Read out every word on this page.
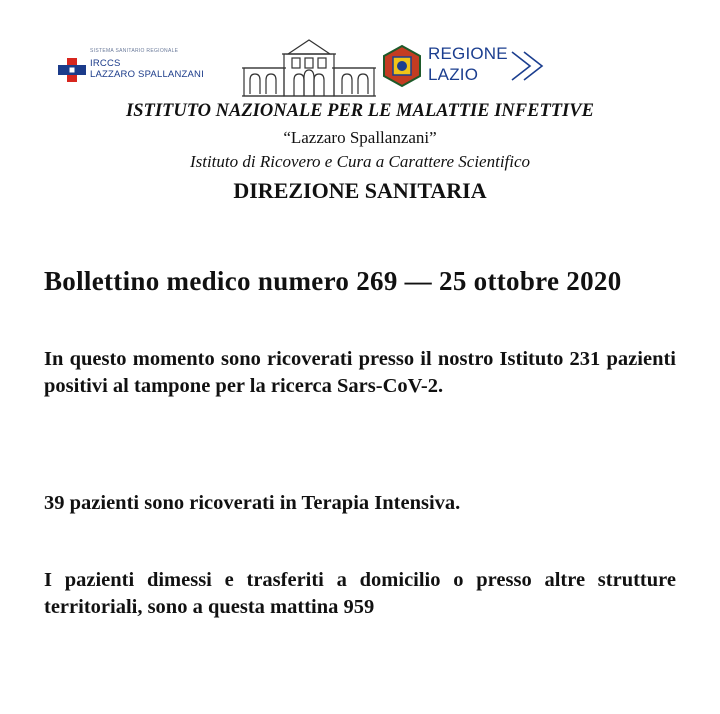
SISTEMA SANITARIO REGIONALE
IRCCS
LAZZARO SPALLANZANI
REGIONE
LAZIO
ISTITUTO NAZIONALE PER LE MALATTIE INFETTIVE
“Lazzaro Spallanzani”
Istituto di Ricovero e Cura a Carattere Scientifico
DIREZIONE SANITARIA
Bollettino medico numero 269 — 25 ottobre 2020
In questo momento sono ricoverati presso il nostro Istituto 231 pazienti positivi al tampone per la ricerca Sars-CoV-2.
39 pazienti sono ricoverati in Terapia Intensiva.
I pazienti dimessi e trasferiti a domicilio o presso altre strutture territoriali, sono a questa mattina 959
